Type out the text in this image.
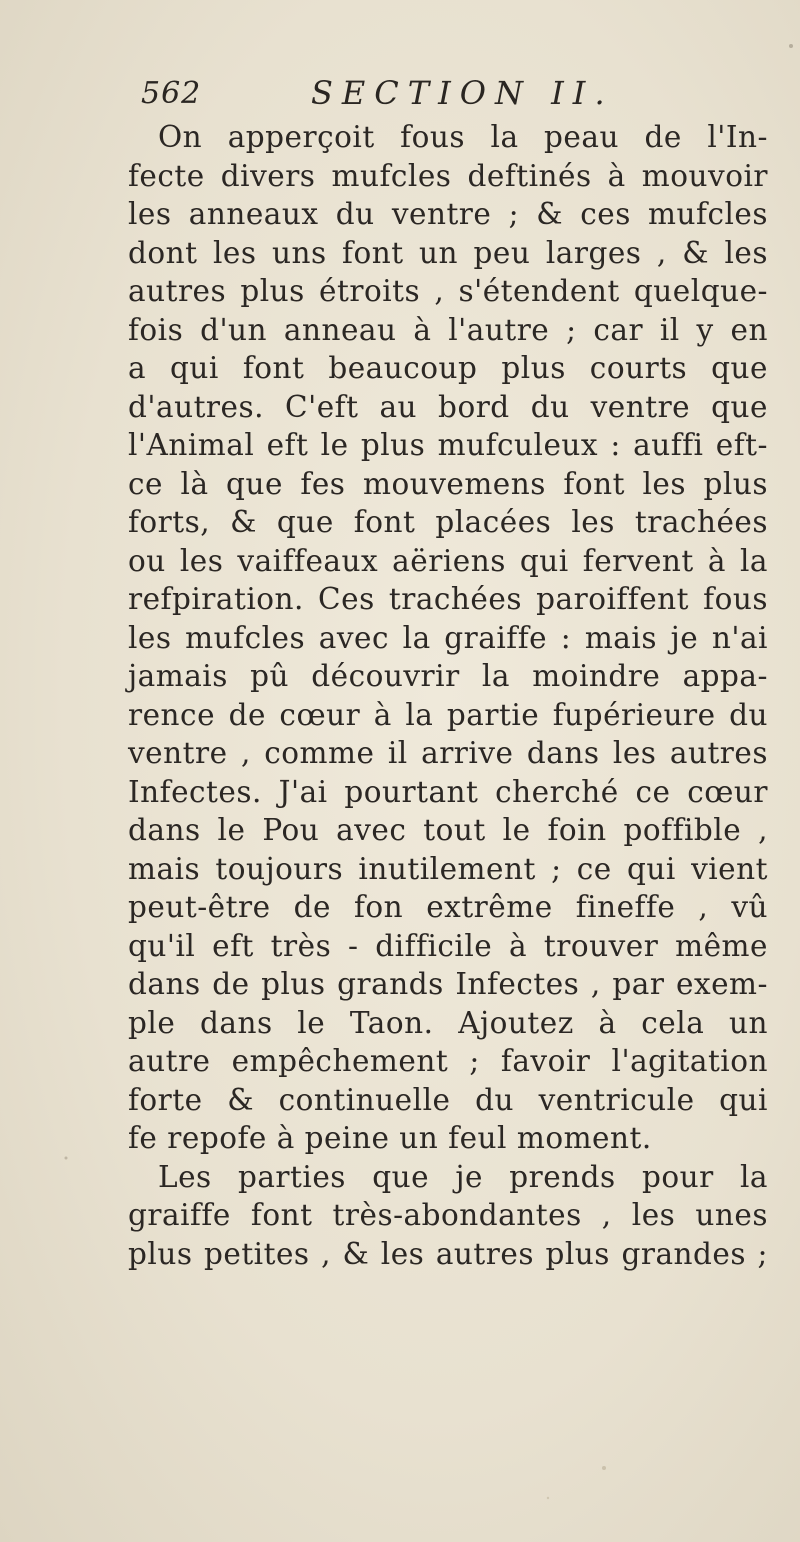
562	SECTION II.
On apperçoit fous la peau de l'In-
fecte divers mufcles deftinés à mouvoir
les anneaux du ventre ; & ces mufcles
dont les uns font un peu larges , & les
autres plus étroits , s'étendent quelque-
fois d'un anneau à l'autre ; car il y en
a qui font beaucoup plus courts que
d'autres. C'eft au bord du ventre que
l'Animal eft le plus mufculeux : auffi eft-
ce là que fes mouvemens font les plus
forts, & que font placées les trachées
ou les vaiffeaux aëriens qui fervent à la
refpiration. Ces trachées paroiffent fous
les mufcles avec la graiffe : mais je n'ai
jamais pû découvrir la moindre appa-
rence de cœur à la partie fupérieure du
ventre , comme il arrive dans les autres
Infectes. J'ai pourtant cherché ce cœur
dans le Pou avec tout le foin poffible ,
mais toujours inutilement ; ce qui vient
peut-être de fon extrême fineffe , vû
qu'il eft très - difficile à trouver même
dans de plus grands Infectes , par exem-
ple dans le Taon. Ajoutez à cela un
autre empêchement ; favoir l'agitation
forte & continuelle du ventricule qui
fe repofe à peine un feul moment.
Les parties que je prends pour la
graiffe font très-abondantes , les unes
plus petites , & les autres plus grandes ;
